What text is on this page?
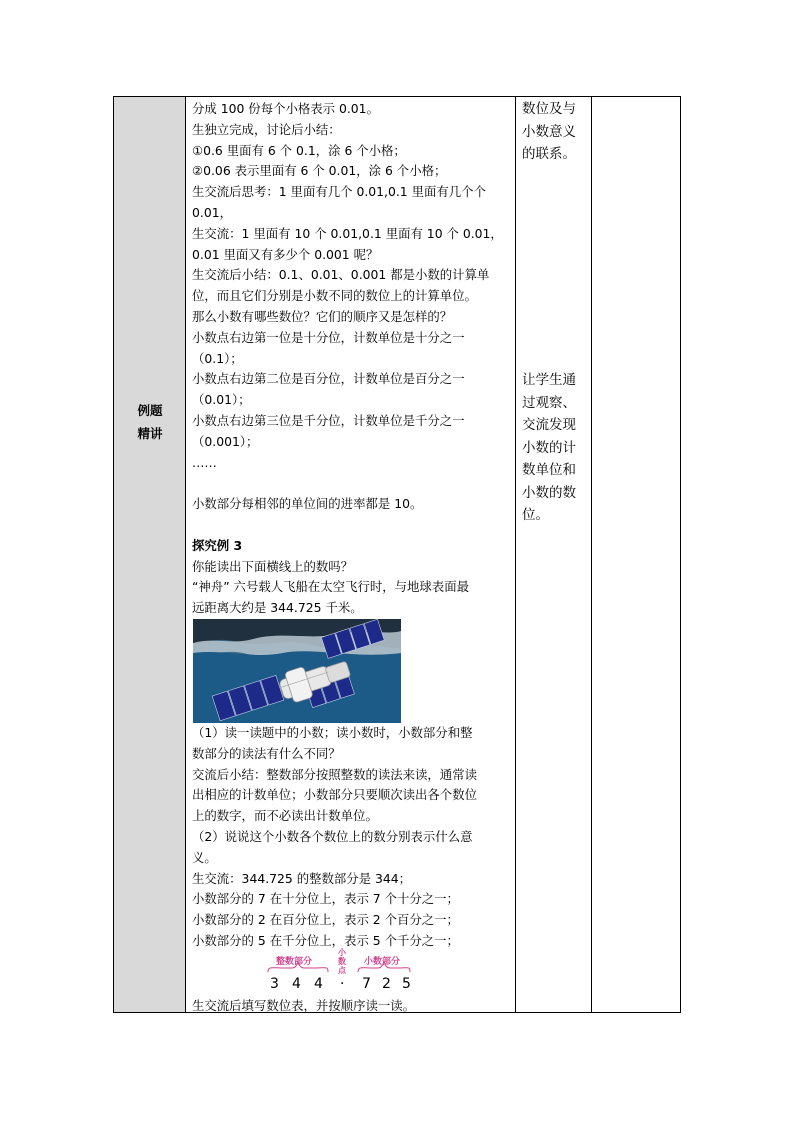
例题
精讲
分成 100 份每个小格表示 0.01。
生独立完成，讨论后小结：
①0.6 里面有 6 个 0.1，涂 6 个小格；
②0.06 表示里面有 6 个 0.01，涂 6 个小格；
生交流后思考：1 里面有几个 0.01,0.1 里面有几个个
0.01，
生交流：1 里面有 10 个 0.01,0.1 里面有 10 个 0.01，
0.01 里面又有多少个 0.001 呢？
生交流后小结：0.1、0.01、0.001 都是小数的计算单
位，而且它们分别是小数不同的数位上的计算单位。
那么小数有哪些数位？它们的顺序又是怎样的？
小数点右边第一位是十分位，计数单位是十分之一
（0.1）；
小数点右边第二位是百分位，计数单位是百分之一
（0.01）；
小数点右边第三位是千分位，计数单位是千分之一
（0.001）；
……
小数部分每相邻的单位间的进率都是 10。
探究例 3
你能读出下面横线上的数吗？
“神舟” 六号载人飞船在太空飞行时，与地球表面最
远距离大约是 344.725 千米。
（1）读一读题中的小数；读小数时，小数部分和整
数部分的读法有什么不同？
交流后小结：整数部分按照整数的读法来读，通常读
出相应的计数单位；小数部分只要顺次读出各个数位
上的数字，而不必读出计数单位。
（2）说说这个小数各个数位上的数分别表示什么意
义。
生交流：344.725 的整数部分是 344；
小数部分的 7 在十分位上，表示 7 个十分之一；
小数部分的 2 在百分位上，表示 2 个百分之一；
小数部分的 5 在千分位上，表示 5 个千分之一；
整数部分
小数点
小数部分
3 4 4 · 7 2 5
生交流后填写数位表，并按顺序读一读。
数位及与
小数意义
的联系。
让学生通
过观察、
交流发现
小数的计
数单位和
小数的数
位。
